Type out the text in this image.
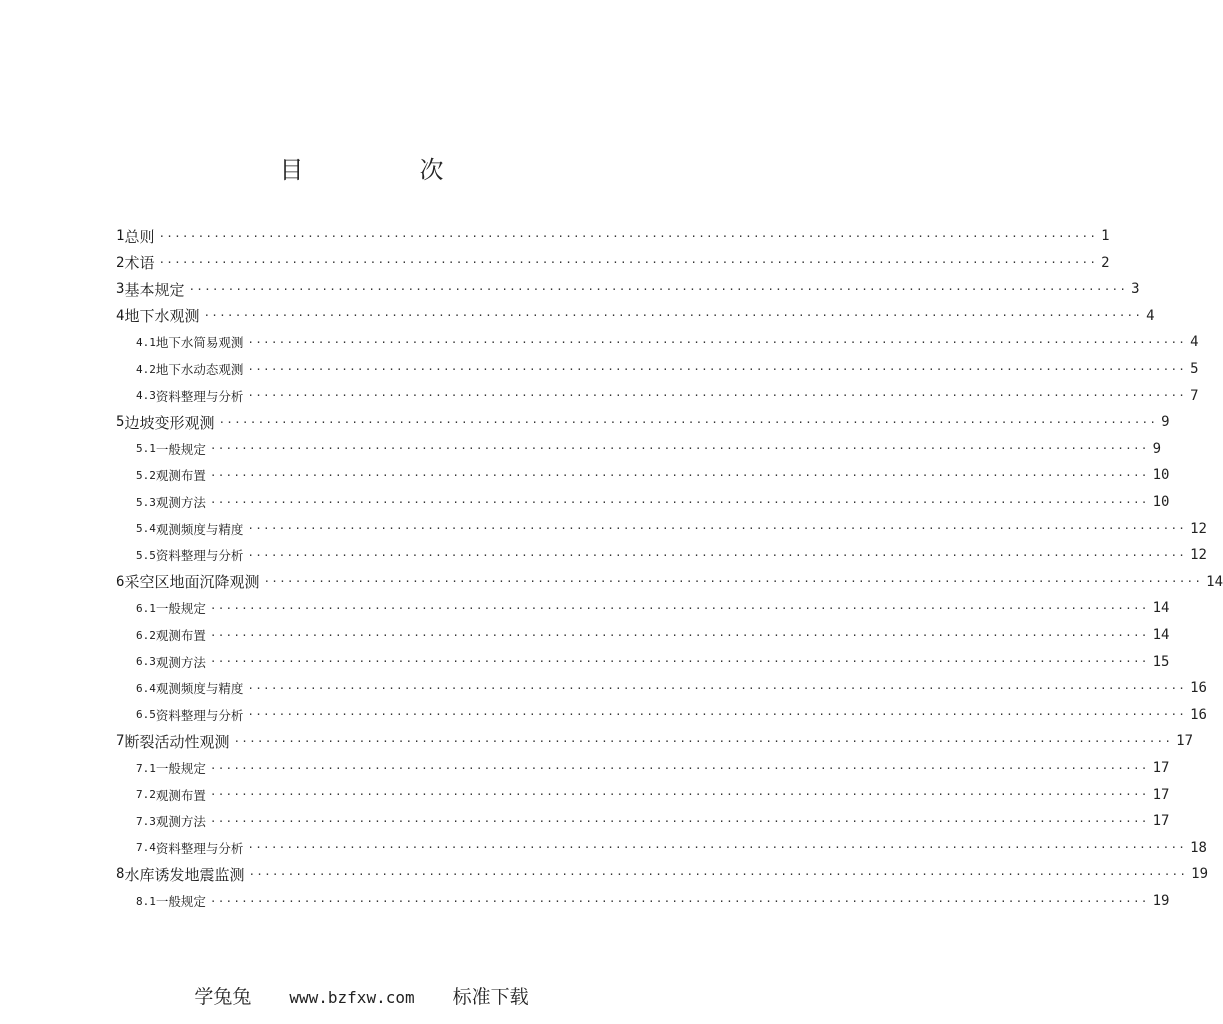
目　次
1 总则 ························································································································ 1
2 术语 ························································································································ 2
3 基本规定 ························································································································ 3
4 地下水观测 ························································································································ 4
4.1 地下水简易观测 ························································································································ 4
4.2 地下水动态观测 ························································································································ 5
4.3 资料整理与分析 ························································································································ 7
5 边坡变形观测 ························································································································ 9
5.1 一般规定 ························································································································ 9
5.2 观测布置 ························································································································ 10
5.3 观测方法 ························································································································ 10
5.4 观测频度与精度 ························································································································ 12
5.5 资料整理与分析 ························································································································ 12
6 采空区地面沉降观测 ························································································································ 14
6.1 一般规定 ························································································································ 14
6.2 观测布置 ························································································································ 14
6.3 观测方法 ························································································································ 15
6.4 观测频度与精度 ························································································································ 16
6.5 资料整理与分析 ························································································································ 16
7 断裂活动性观测 ························································································································ 17
7.1 一般规定 ························································································································ 17
7.2 观测布置 ························································································································ 17
7.3 观测方法 ························································································································ 17
7.4 资料整理与分析 ························································································································ 18
8 水库诱发地震监测 ························································································································ 19
8.1 一般规定 ························································································································ 19
学兔兔 www.bzfxw.com 标准下载
